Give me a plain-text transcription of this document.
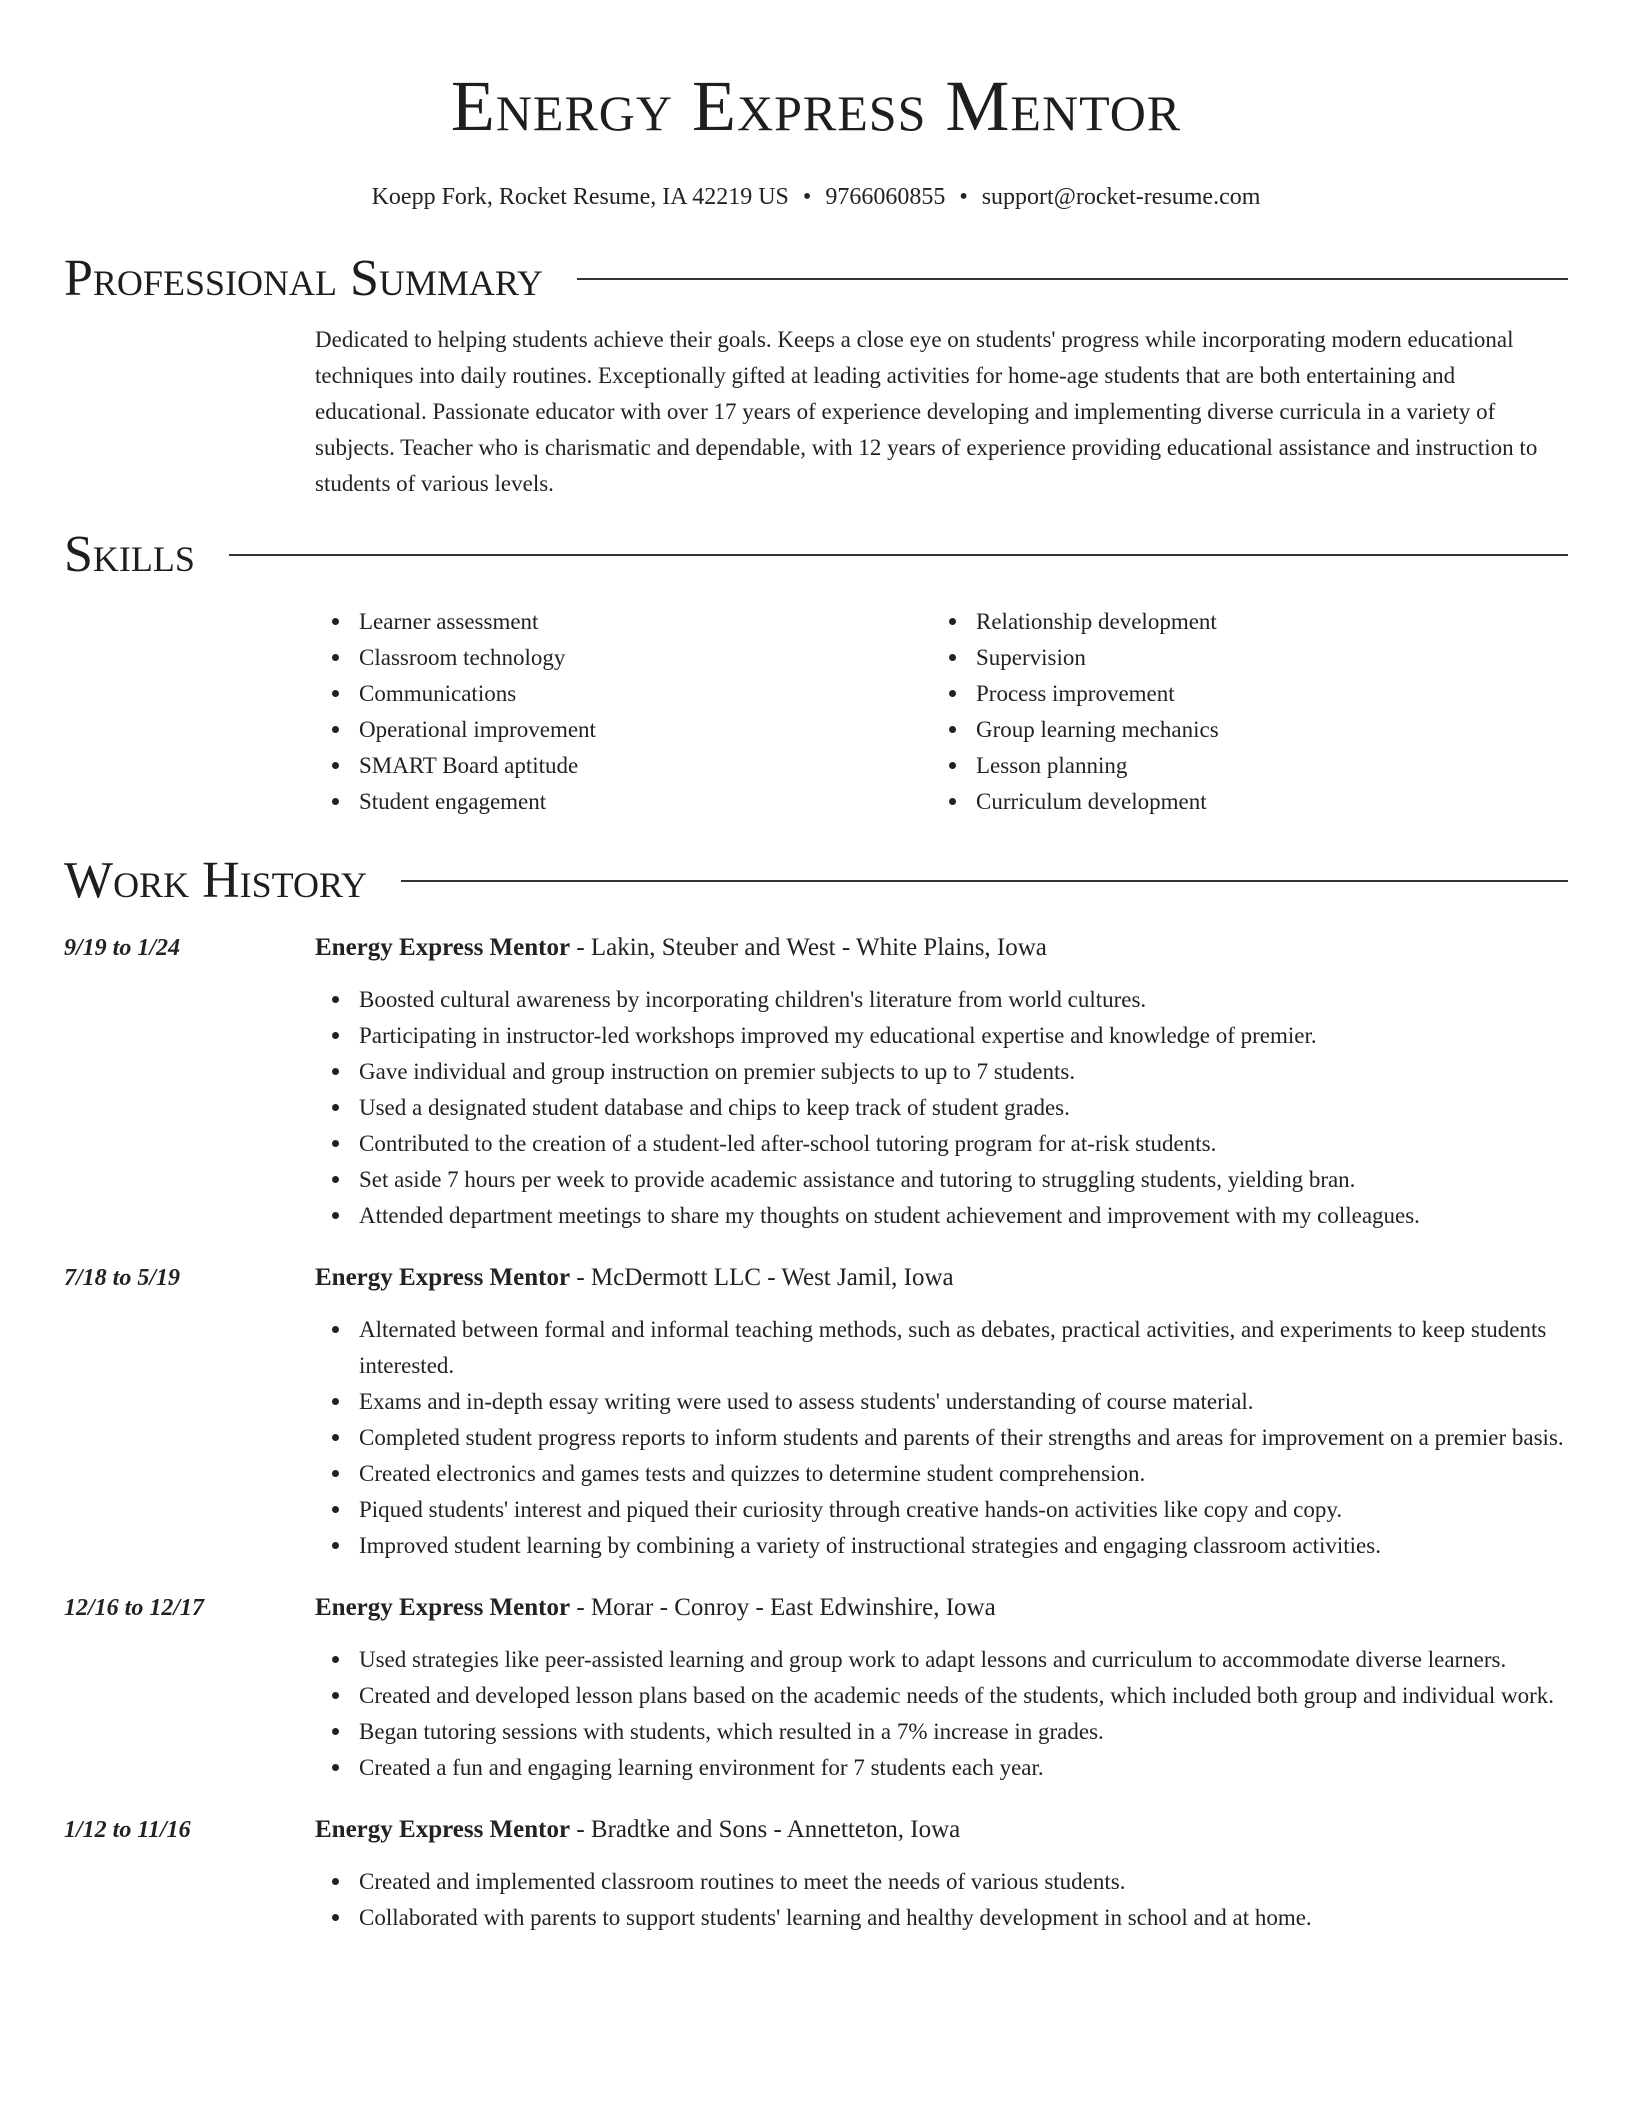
Energy Express Mentor
Koepp Fork, Rocket Resume, IA 42219 US • 9766060855 • support@rocket-resume.com
Professional Summary
Dedicated to helping students achieve their goals. Keeps a close eye on students' progress while incorporating modern educational techniques into daily routines. Exceptionally gifted at leading activities for home-age students that are both entertaining and educational. Passionate educator with over 17 years of experience developing and implementing diverse curricula in a variety of subjects. Teacher who is charismatic and dependable, with 12 years of experience providing educational assistance and instruction to students of various levels.
Skills
Learner assessment
Classroom technology
Communications
Operational improvement
SMART Board aptitude
Student engagement
Relationship development
Supervision
Process improvement
Group learning mechanics
Lesson planning
Curriculum development
Work History
9/19 to 1/24	Energy Express Mentor - Lakin, Steuber and West - White Plains, Iowa
Boosted cultural awareness by incorporating children's literature from world cultures.
Participating in instructor-led workshops improved my educational expertise and knowledge of premier.
Gave individual and group instruction on premier subjects to up to 7 students.
Used a designated student database and chips to keep track of student grades.
Contributed to the creation of a student-led after-school tutoring program for at-risk students.
Set aside 7 hours per week to provide academic assistance and tutoring to struggling students, yielding bran.
Attended department meetings to share my thoughts on student achievement and improvement with my colleagues.
7/18 to 5/19	Energy Express Mentor - McDermott LLC - West Jamil, Iowa
Alternated between formal and informal teaching methods, such as debates, practical activities, and experiments to keep students interested.
Exams and in-depth essay writing were used to assess students' understanding of course material.
Completed student progress reports to inform students and parents of their strengths and areas for improvement on a premier basis.
Created electronics and games tests and quizzes to determine student comprehension.
Piqued students' interest and piqued their curiosity through creative hands-on activities like copy and copy.
Improved student learning by combining a variety of instructional strategies and engaging classroom activities.
12/16 to 12/17	Energy Express Mentor - Morar - Conroy - East Edwinshire, Iowa
Used strategies like peer-assisted learning and group work to adapt lessons and curriculum to accommodate diverse learners.
Created and developed lesson plans based on the academic needs of the students, which included both group and individual work.
Began tutoring sessions with students, which resulted in a 7% increase in grades.
Created a fun and engaging learning environment for 7 students each year.
1/12 to 11/16	Energy Express Mentor - Bradtke and Sons - Annetteton, Iowa
Created and implemented classroom routines to meet the needs of various students.
Collaborated with parents to support students' learning and healthy development in school and at home.
